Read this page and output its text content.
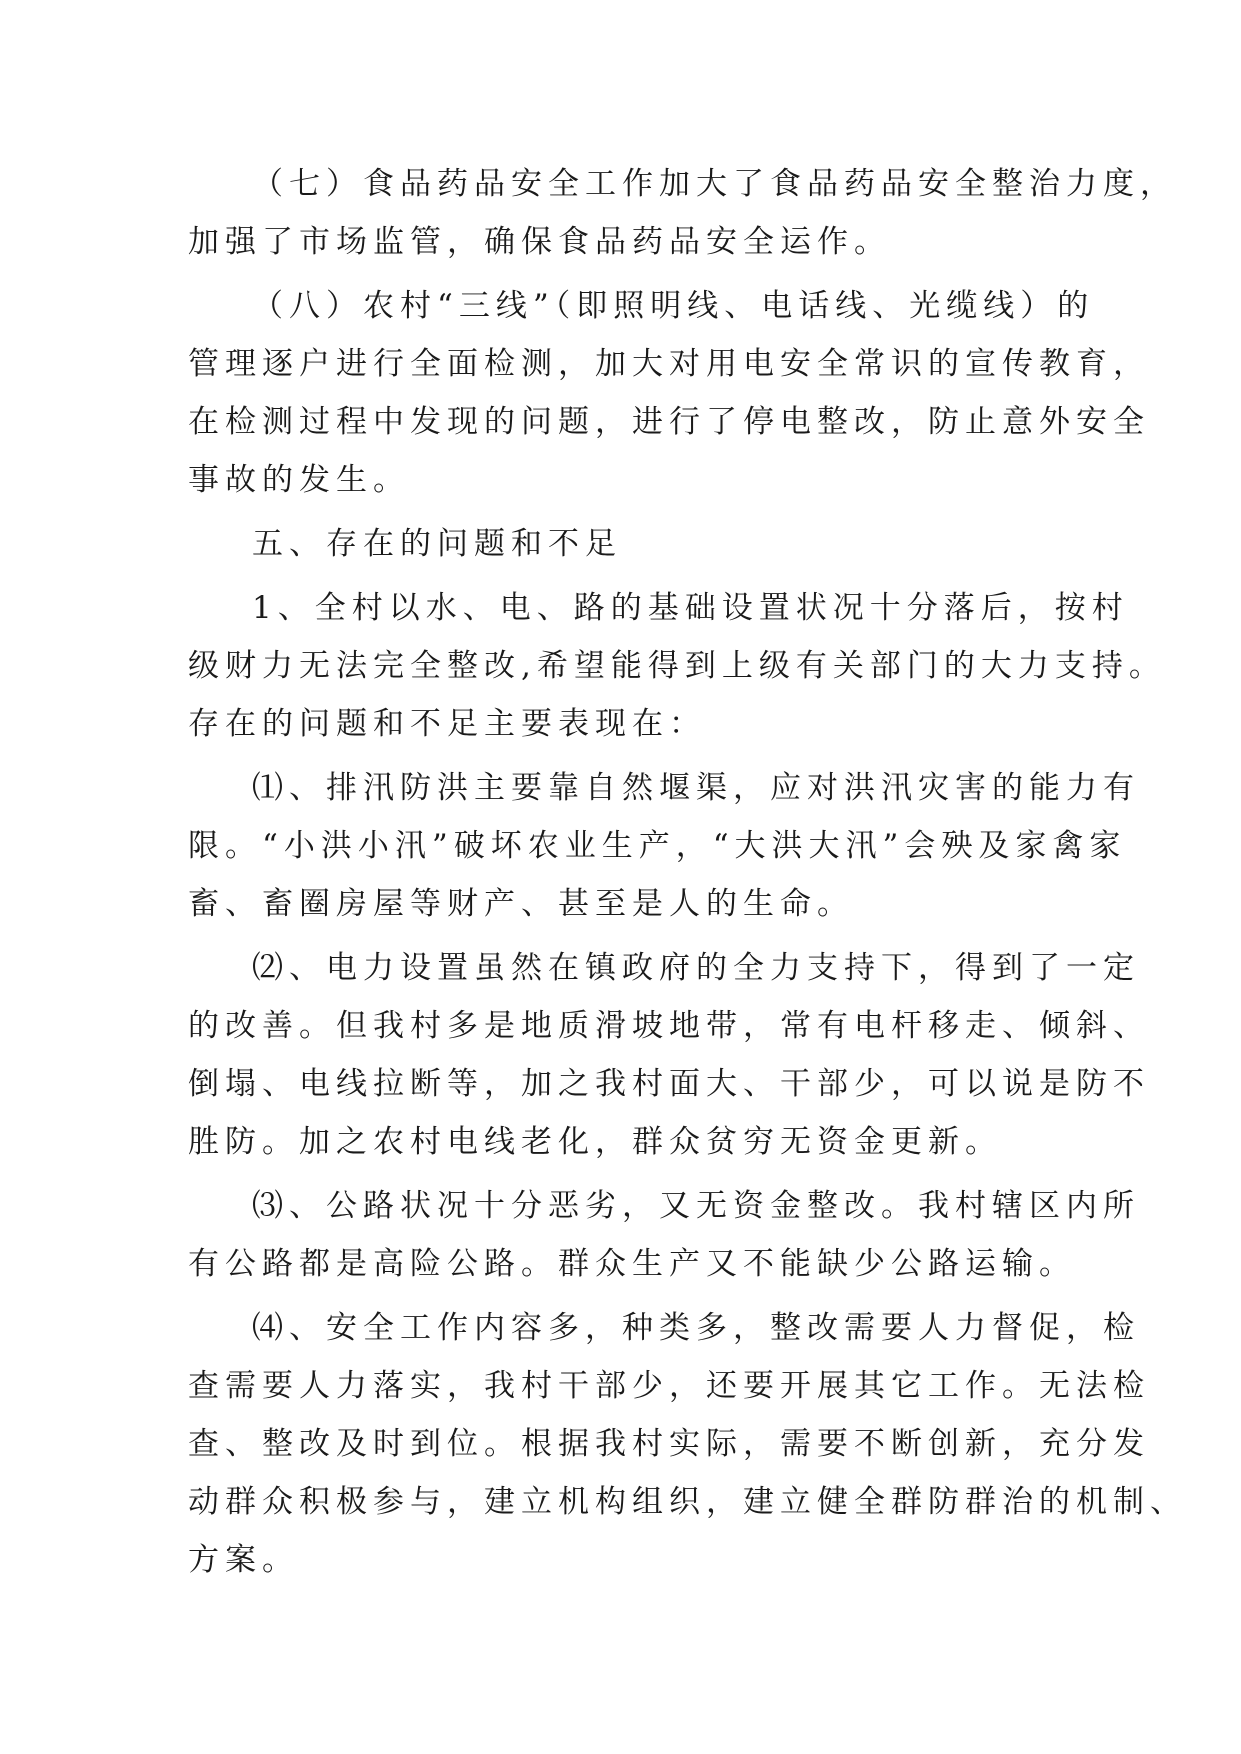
（七）食品药品安全工作加大了食品药品安全整治力度，
加强了市场监管，确保食品药品安全运作。
（八）农村“三线”（即照明线、电话线、光缆线）的
管理逐户进行全面检测，加大对用电安全常识的宣传教育，
在检测过程中发现的问题，进行了停电整改，防止意外安全
事故的发生。
五、存在的问题和不足
1、全村以水、电、路的基础设置状况十分落后，按村
级财力无法完全整改,希望能得到上级有关部门的大力支持。
存在的问题和不足主要表现在：
⑴、排汛防洪主要靠自然堰渠，应对洪汛灾害的能力有
限。“小洪小汛”破坏农业生产，“大洪大汛”会殃及家禽家
畜、畜圈房屋等财产、甚至是人的生命。
⑵、电力设置虽然在镇政府的全力支持下，得到了一定
的改善。但我村多是地质滑坡地带，常有电杆移走、倾斜、
倒塌、电线拉断等，加之我村面大、干部少，可以说是防不
胜防。加之农村电线老化，群众贫穷无资金更新。
⑶、公路状况十分恶劣，又无资金整改。我村辖区内所
有公路都是高险公路。群众生产又不能缺少公路运输。
⑷、安全工作内容多，种类多，整改需要人力督促，检
查需要人力落实，我村干部少，还要开展其它工作。无法检
查、整改及时到位。根据我村实际，需要不断创新，充分发
动群众积极参与，建立机构组织，建立健全群防群治的机制、
方案。
